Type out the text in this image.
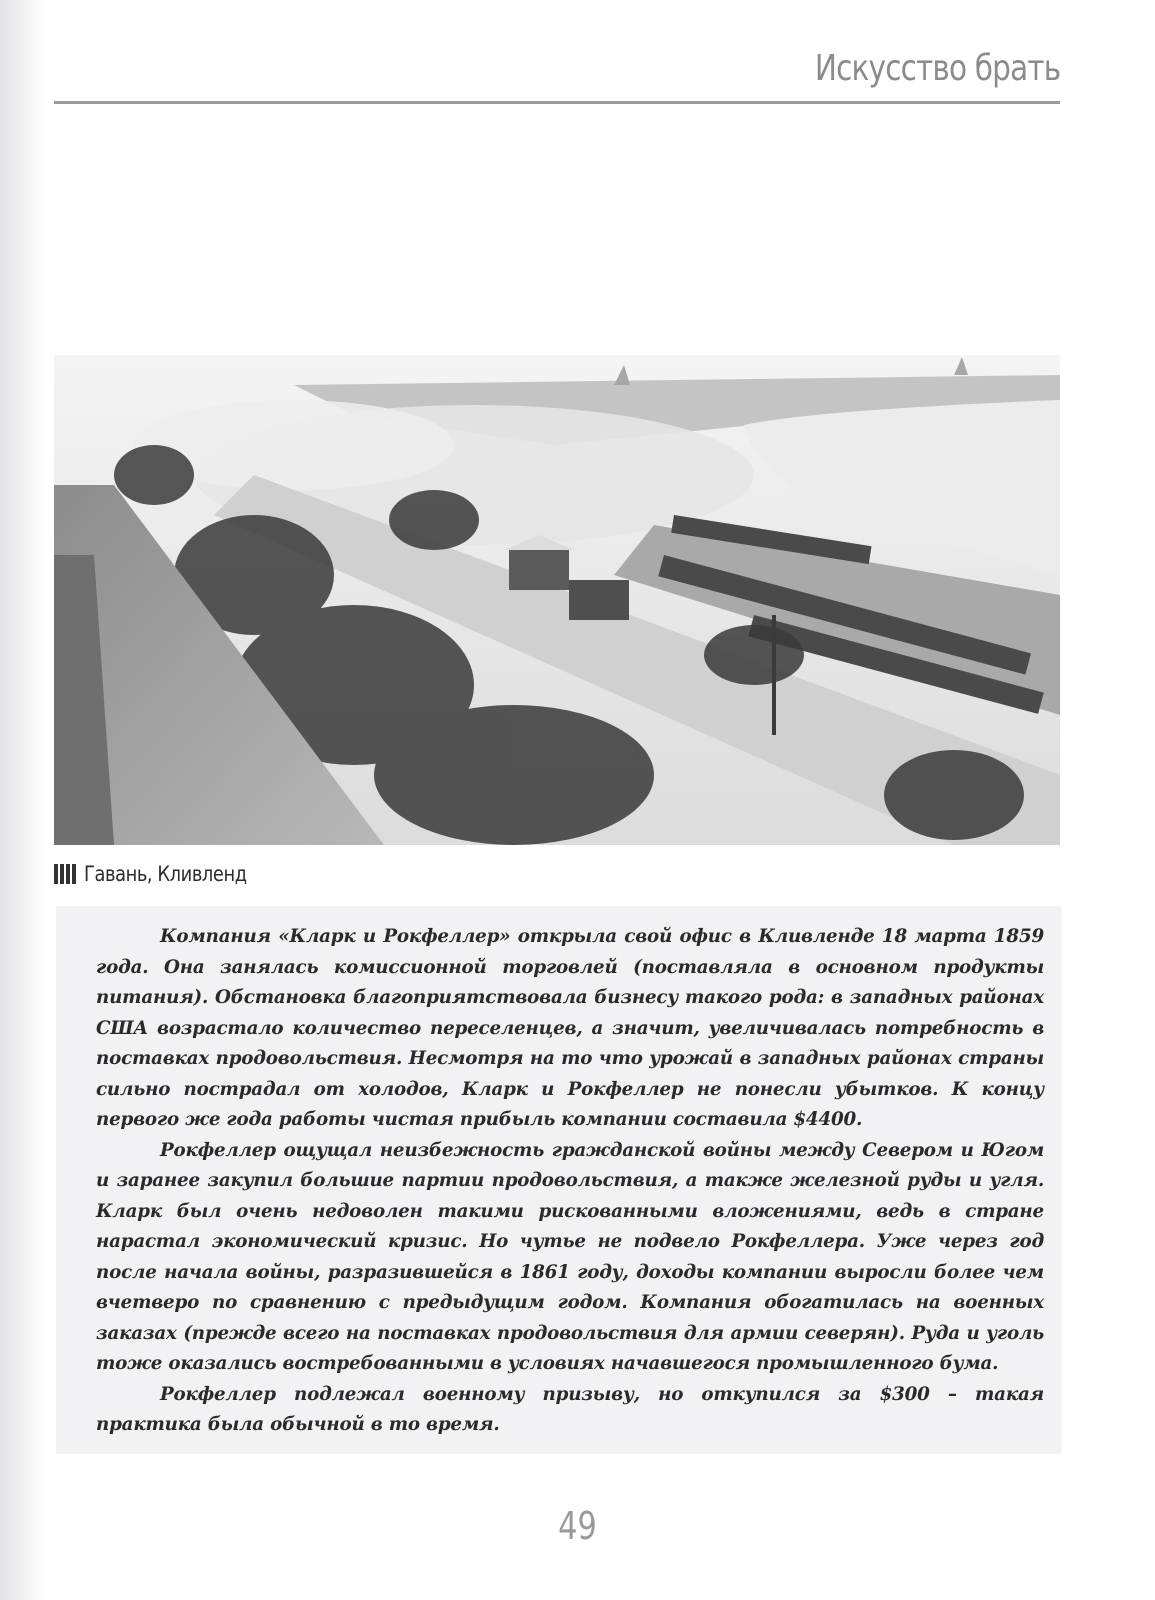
Искусство брать
Гавань, Кливленд

Компания «Кларк и Рокфеллер» открыла свой офис в Кливленде 18 марта 1859 года. Она занялась комиссионной торговлей (поставляла в основном продукты питания). Обстановка благоприятствовала бизнесу такого рода: в западных районах США возрастало количество переселенцев, а значит, увеличивалась потребность в поставках продовольствия. Несмотря на то что урожай в западных районах страны сильно пострадал от холодов, Кларк и Рокфеллер не понесли убытков. К концу первого же года работы чистая прибыль компании составила $4400.

Рокфеллер ощущал неизбежность гражданской войны между Севером и Югом и заранее закупил большие партии продовольствия, а также железной руды и угля. Кларк был очень недоволен такими рискованными вложениями, ведь в стране нарастал экономический кризис. Но чутье не подвело Рокфеллера. Уже через год после начала войны, разразившейся в 1861 году, доходы компании выросли более чем вчетверо по сравнению с предыдущим годом. Компания обогатилась на военных заказах (прежде всего на поставках продовольствия для армии северян). Руда и уголь тоже оказались востребованными в условиях начавшегося промышленного бума.

Рокфеллер подлежал военному призыву, но откупился за $300 – такая практика была обычной в то время.

49
